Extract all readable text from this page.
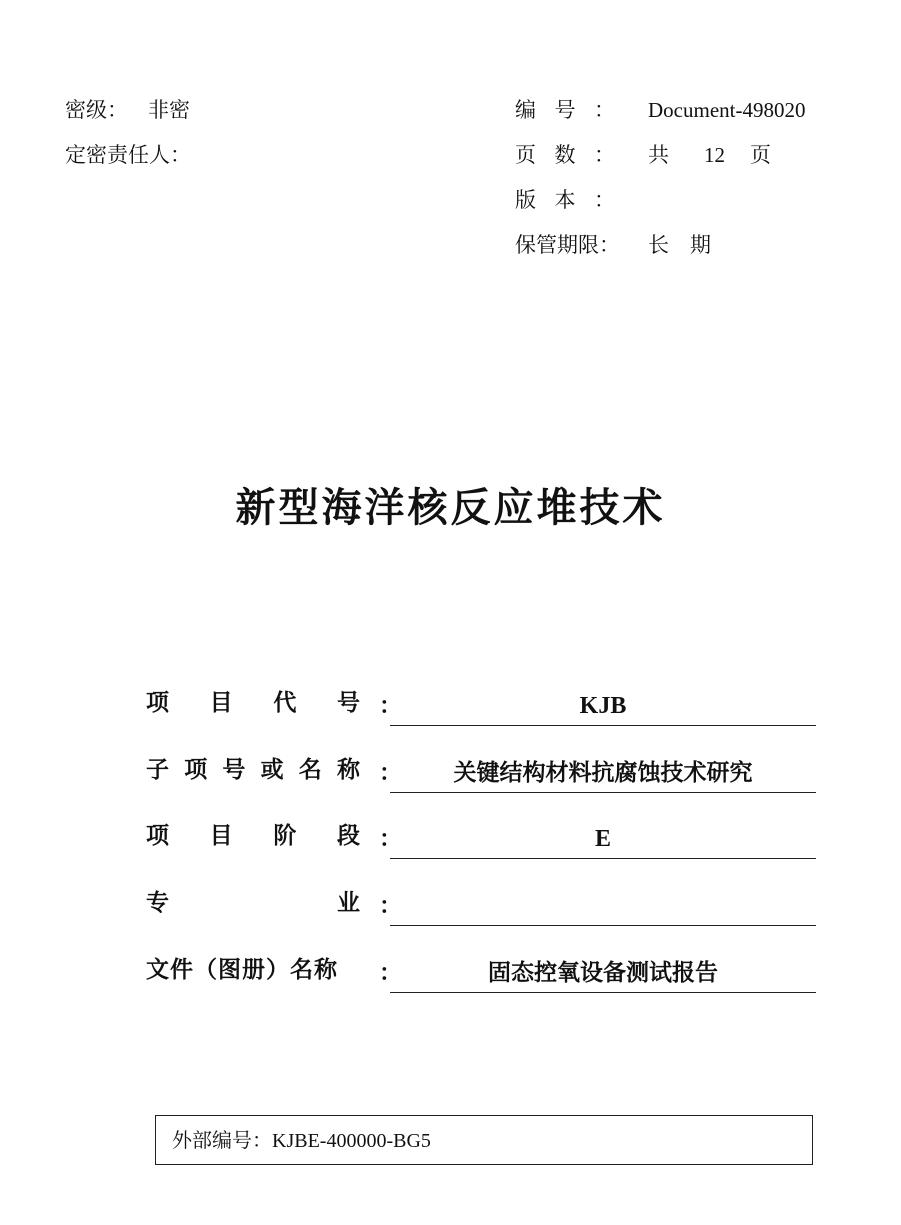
密级： 非密
定密责任人：
编号： Document-498020
页数： 共 12 页
版本：
保管期限： 长　期
新型海洋核反应堆技术
项目代号 ：	KJB
子项号或名称 ：	关键结构材料抗腐蚀技术研究
项目阶段 ：	E
专业 ：
文件（图册）名称	：	固态控氧设备测试报告
外部编号：KJBE-400000-BG5
